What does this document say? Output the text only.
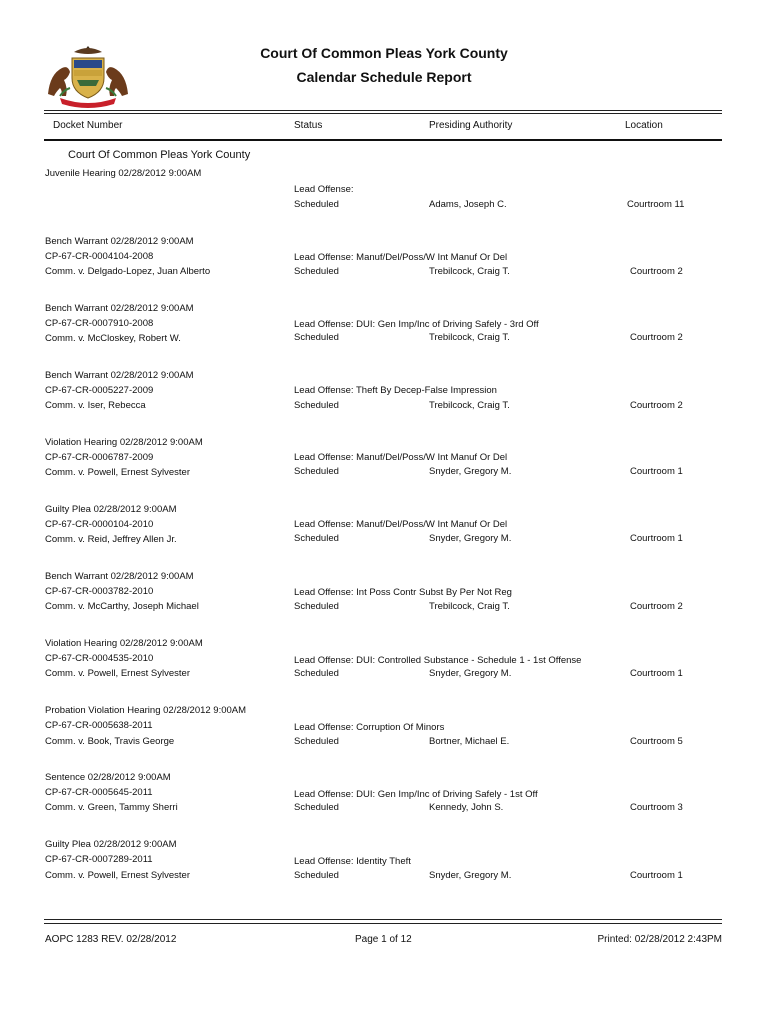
Court Of Common Pleas York County
Calendar Schedule Report
Docket Number	Status	Presiding Authority	Location
Court Of Common Pleas York County
Juvenile Hearing 02/28/2012 9:00AM
Lead Offense:
Scheduled	Adams, Joseph C.	Courtroom 11
Bench Warrant 02/28/2012 9:00AM
CP-67-CR-0004104-2008
Comm. v. Delgado-Lopez, Juan Alberto
Lead Offense: Manuf/Del/Poss/W Int Manuf Or Del
Scheduled	Trebilcock, Craig T.	Courtroom 2
Bench Warrant 02/28/2012 9:00AM
CP-67-CR-0007910-2008
Comm. v. McCloskey, Robert W.
Lead Offense: DUI: Gen Imp/Inc of Driving Safely - 3rd Off
Scheduled	Trebilcock, Craig T.	Courtroom 2
Bench Warrant 02/28/2012 9:00AM
CP-67-CR-0005227-2009
Comm. v. Iser, Rebecca
Lead Offense: Theft By Decep-False Impression
Scheduled	Trebilcock, Craig T.	Courtroom 2
Violation Hearing 02/28/2012 9:00AM
CP-67-CR-0006787-2009
Comm. v. Powell, Ernest Sylvester
Lead Offense: Manuf/Del/Poss/W Int Manuf Or Del
Scheduled	Snyder, Gregory M.	Courtroom 1
Guilty Plea 02/28/2012 9:00AM
CP-67-CR-0000104-2010
Comm. v. Reid, Jeffrey Allen Jr.
Lead Offense: Manuf/Del/Poss/W Int Manuf Or Del
Scheduled	Snyder, Gregory M.	Courtroom 1
Bench Warrant 02/28/2012 9:00AM
CP-67-CR-0003782-2010
Comm. v. McCarthy, Joseph Michael
Lead Offense: Int Poss Contr Subst By Per Not Reg
Scheduled	Trebilcock, Craig T.	Courtroom 2
Violation Hearing 02/28/2012 9:00AM
CP-67-CR-0004535-2010
Comm. v. Powell, Ernest Sylvester
Lead Offense: DUI: Controlled Substance - Schedule 1 - 1st Offense
Scheduled	Snyder, Gregory M.	Courtroom 1
Probation Violation Hearing 02/28/2012 9:00AM
CP-67-CR-0005638-2011
Comm. v. Book, Travis George
Lead Offense: Corruption Of Minors
Scheduled	Bortner, Michael E.	Courtroom 5
Sentence 02/28/2012 9:00AM
CP-67-CR-0005645-2011
Comm. v. Green, Tammy Sherri
Lead Offense: DUI: Gen Imp/Inc of Driving Safely - 1st Off
Scheduled	Kennedy, John S.	Courtroom 3
Guilty Plea 02/28/2012 9:00AM
CP-67-CR-0007289-2011
Comm. v. Powell, Ernest Sylvester
Lead Offense: Identity Theft
Scheduled	Snyder, Gregory M.	Courtroom 1
AOPC 1283 REV. 02/28/2012	Page 1 of 12	Printed: 02/28/2012 2:43PM
